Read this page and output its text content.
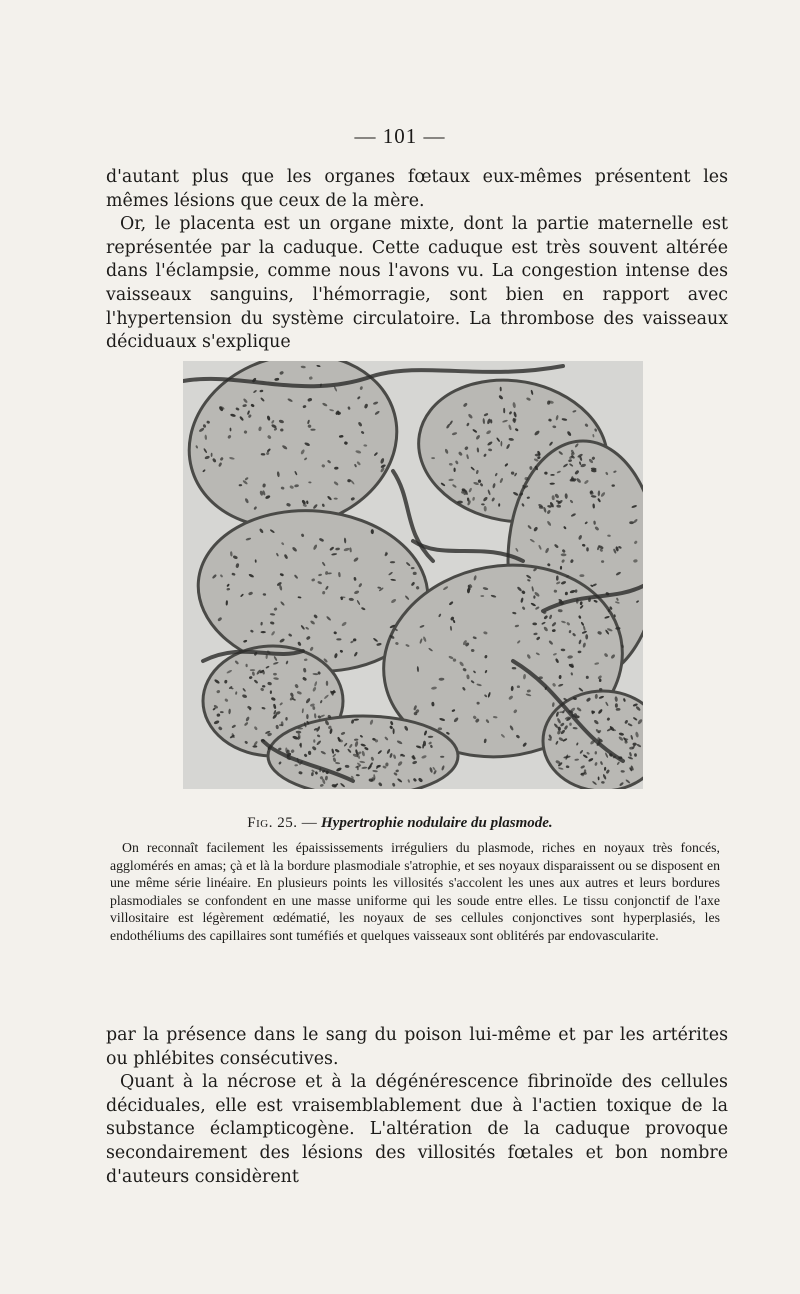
— 101 —

d'autant plus que les organes fœtaux eux-mêmes présentent les mêmes lésions que ceux de la mère.

Or, le placenta est un organe mixte, dont la partie maternelle est représentée par la caduque. Cette caduque est très souvent altérée dans l'éclampsie, comme nous l'avons vu. La congestion intense des vaisseaux sanguins, l'hémorragie, sont bien en rapport avec l'hypertension du système circulatoire. La thrombose des vaisseaux déciduaux s'explique

Fig. 25. — Hypertrophie nodulaire du plasmode.

On reconnaît facilement les épaississements irréguliers du plasmode, riches en noyaux très foncés, agglomérés en amas; çà et là la bordure plasmodiale s'atrophie, et ses noyaux disparaissent ou se disposent en une même série linéaire. En plusieurs points les villosités s'accolent les unes aux autres et leurs bordures plasmodiales se confondent en une masse uniforme qui les soude entre elles. Le tissu conjonctif de l'axe villositaire est légèrement œdématié, les noyaux de ses cellules conjonctives sont hyperplasiés, les endothéliums des capillaires sont tuméfiés et quelques vaisseaux sont oblitérés par endovascularite.

par la présence dans le sang du poison lui-même et par les artérites ou phlébites consécutives.

Quant à la nécrose et à la dégénérescence fibrinoïde des cellules déciduales, elle est vraisemblablement due à l'actien toxique de la substance éclampticogène. L'altération de la caduque provoque secondairement des lésions des villosités fœtales et bon nombre d'auteurs considèrent
